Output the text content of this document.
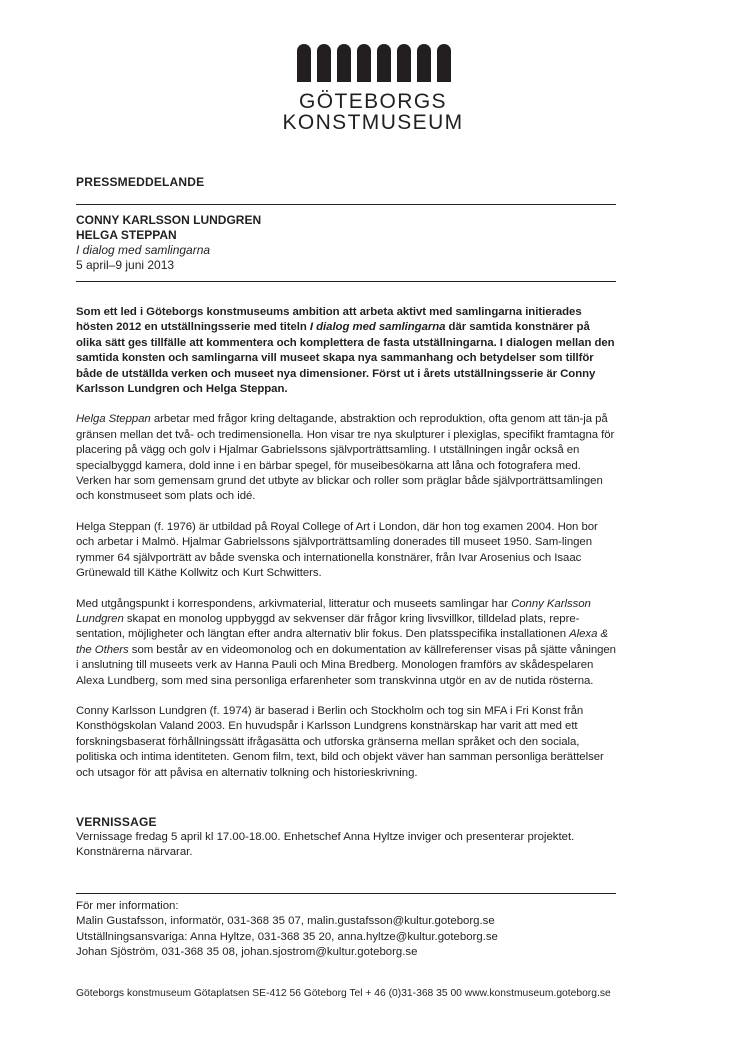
GÖTEBORGS
KONSTMUSEUM
PRESSMEDDELANDE
CONNY KARLSSON LUNDGREN
HELGA STEPPAN
I dialog med samlingarna
5 april–9 juni 2013

Som ett led i Göteborgs konstmuseums ambition att arbeta aktivt med samlingarna initierades hösten 2012 en utställningsserie med titeln I dialog med samlingarna där samtida konstnärer på olika sätt ges tillfälle att kommentera och komplettera de fasta utställningarna. I dialogen mellan den samtida konsten och samlingarna vill museet skapa nya sammanhang och betydelser som tillför både de utställda verken och museet nya dimensioner. Först ut i årets utställningsserie är Conny Karlsson Lundgren och Helga Steppan.

Helga Steppan arbetar med frågor kring deltagande, abstraktion och reproduktion, ofta genom att tän-ja på gränsen mellan det två- och tredimensionella. Hon visar tre nya skulpturer i plexiglas, specifikt framtagna för placering på vägg och golv i Hjalmar Gabrielssons självporträttsamling. I utställningen ingår också en specialbyggd kamera, dold inne i en bärbar spegel, för museibesökarna att låna och fotografera med. Verken har som gemensam grund det utbyte av blickar och roller som präglar både självporträttsamlingen och konstmuseet som plats och idé.

Helga Steppan (f. 1976) är utbildad på Royal College of Art i London, där hon tog examen 2004. Hon bor och arbetar i Malmö. Hjalmar Gabrielssons självporträttsamling donerades till museet 1950. Sam-lingen rymmer 64 självporträtt av både svenska och internationella konstnärer, från Ivar Arosenius och Isaac Grünewald till Käthe Kollwitz och Kurt Schwitters.

Med utgångspunkt i korrespondens, arkivmaterial, litteratur och museets samlingar har Conny Karlsson Lundgren skapat en monolog uppbyggd av sekvenser där frågor kring livsvillkor, tilldelad plats, repre-sentation, möjligheter och längtan efter andra alternativ blir fokus. Den platsspecifika installationen Alexa & the Others som består av en videomonolog och en dokumentation av källreferenser visas på sjätte våningen i anslutning till museets verk av Hanna Pauli och Mina Bredberg. Monologen framförs av skådespelaren Alexa Lundberg, som med sina personliga erfarenheter som transkvinna utgör en av de nutida rösterna.

Conny Karlsson Lundgren (f. 1974) är baserad i Berlin och Stockholm och tog sin MFA i Fri Konst från Konsthögskolan Valand 2003. En huvudspår i Karlsson Lundgrens konstnärskap har varit att med ett forskningsbaserat förhållningssätt ifrågasätta och utforska gränserna mellan språket och den sociala, politiska och intima identiteten. Genom film, text, bild och objekt väver han samman personliga berättelser och utsagor för att påvisa en alternativ tolkning och historieskrivning.

VERNISSAGE
Vernissage fredag 5 april kl 17.00-18.00. Enhetschef Anna Hyltze inviger och presenterar projektet.
Konstnärerna närvarar.
För mer information:
Malin Gustafsson, informatör, 031-368 35 07, malin.gustafsson@kultur.goteborg.se
Utställningsansvariga: Anna Hyltze, 031-368 35 20, anna.hyltze@kultur.goteborg.se
Johan Sjöström, 031-368 35 08, johan.sjostrom@kultur.goteborg.se
Göteborgs konstmuseum Götaplatsen SE-412 56 Göteborg Tel + 46 (0)31-368 35 00 www.konstmuseum.goteborg.se
